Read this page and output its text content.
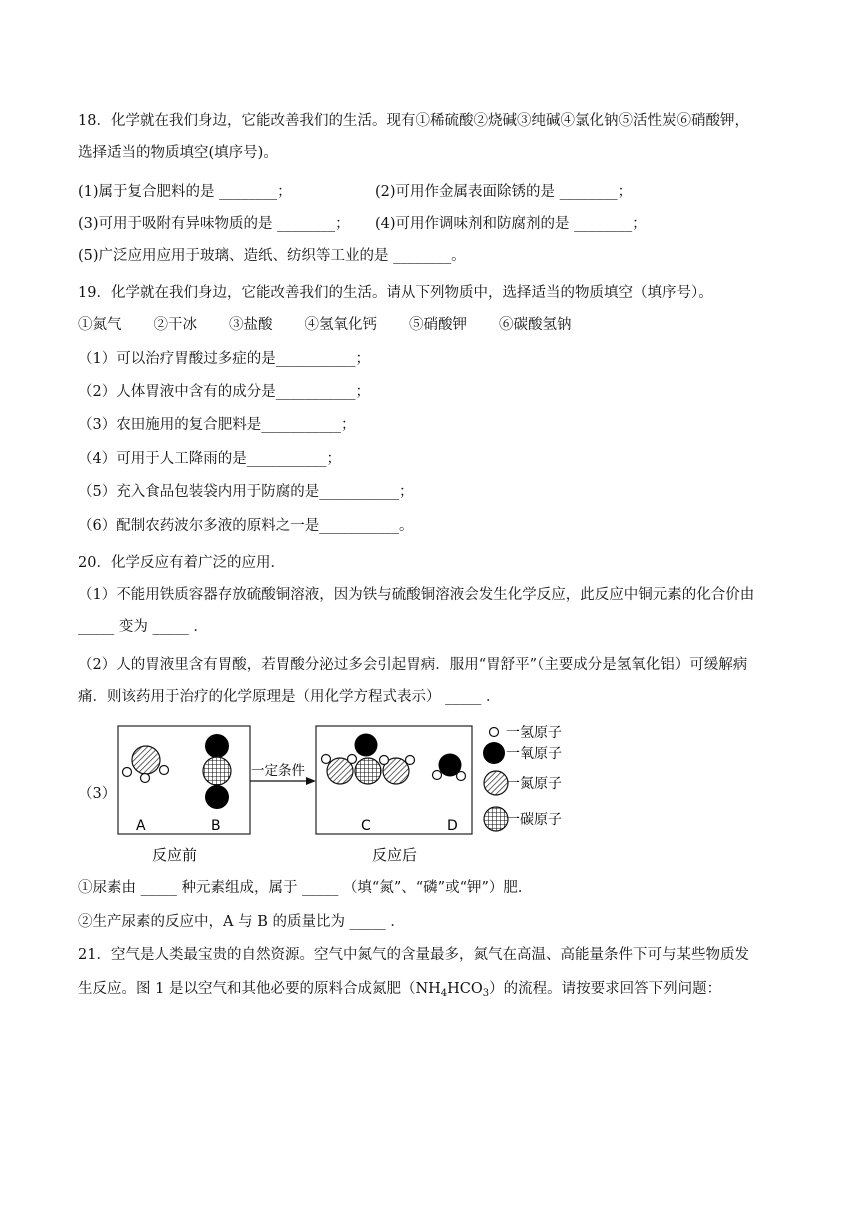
18．化学就在我们身边，它能改善我们的生活。现有①稀硫酸②烧碱③纯碱④氯化钠⑤活性炭⑥硝酸钾，
选择适当的物质填空(填序号)。
(1)属于复合肥料的是 ________；	(2)可用作金属表面除锈的是 ________；
(3)可用于吸附有异味物质的是 ________； (4)可用作调味剂和防腐剂的是 ________；
(5)广泛应用应用于玻璃、造纸、纺织等工业的是 ________。
19．化学就在我们身边，它能改善我们的生活。请从下列物质中，选择适当的物质填空（填序号）。
①氮气 ②干冰 ③盐酸 ④氢氧化钙 ⑤硝酸钾 ⑥碳酸氢钠
（1）可以治疗胃酸过多症的是___________；
（2）人体胃液中含有的成分是___________；
（3）农田施用的复合肥料是___________；
（4）可用于人工降雨的是___________；
（5）充入食品包装袋内用于防腐的是___________；
（6）配制农药波尔多液的原料之一是___________。
20．化学反应有着广泛的应用．
（1）不能用铁质容器存放硫酸铜溶液，因为铁与硫酸铜溶液会发生化学反应，此反应中铜元素的化合价由
_____ 变为 _____ ．
（2）人的胃液里含有胃酸，若胃酸分泌过多会引起胃病．服用“胃舒平”（主要成分是氢氧化铝）可缓解病
痛．则该药用于治疗的化学原理是（用化学方程式表示） _____ ．
（3）
A	B
一定条件
C	D
一氢原子
一氧原子
一氮原子
一碳原子
反应前	反应后
①尿素由 _____ 种元素组成，属于 _____ （填“氮”、“磷”或“钾”）肥．
②生产尿素的反应中，A 与 B 的质量比为 _____ ．
21．空气是人类最宝贵的自然资源。空气中氮气的含量最多，氮气在高温、高能量条件下可与某些物质发
生反应。图 1 是以空气和其他必要的原料合成氮肥$(NH_4HCO_3)$的流程。请按要求回答下列问题：
